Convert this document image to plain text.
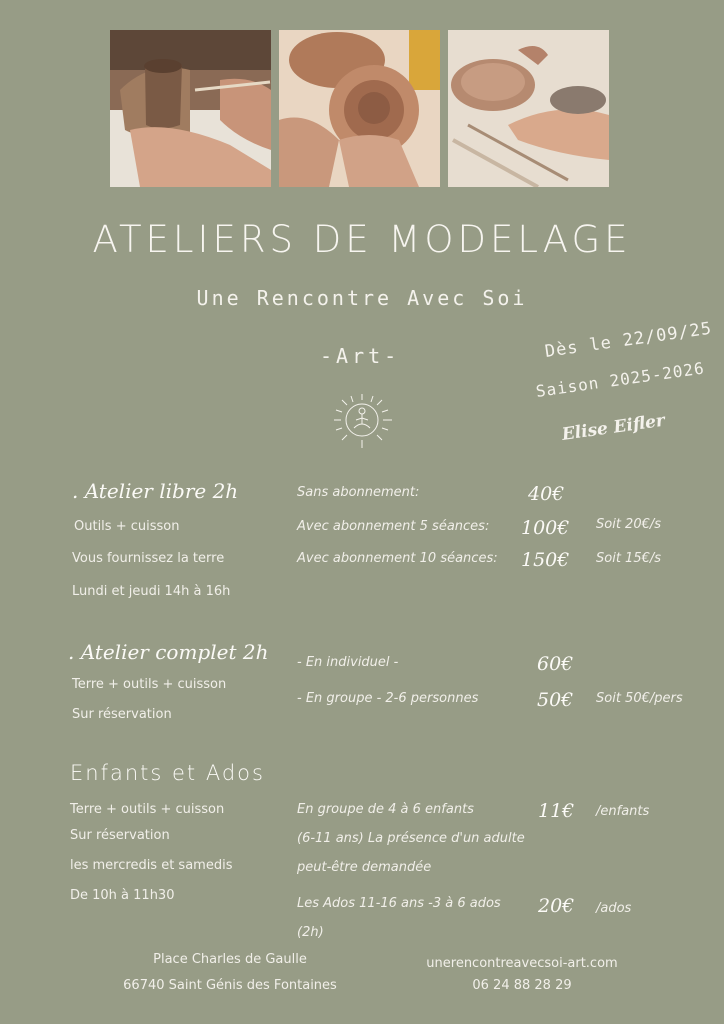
ATELIERS DE MODELAGE
Une Rencontre Avec Soi
-Art-	Dès le 22/09/25
Saison 2025-2026
Elise Eifler
. Atelier libre 2h
Outils + cuisson
Vous fournissez la terre
Lundi et jeudi 14h à 16h
Sans abonnement:	40€
Avec abonnement 5 séances: 100€ Soit 20€/s
Avec abonnement 10 séances: 150€ Soit 15€/s
. Atelier complet 2h
Terre + outils + cuisson
Sur réservation
- En individuel -	60€
- En groupe - 2-6 personnes	50€ Soit 50€/pers
Enfants et Ados
Terre + outils + cuisson
Sur réservation
les mercredis et samedis
De 10h à 11h30
En groupe de 4 à 6 enfants
(6-11 ans) La présence d'un adulte
peut-être demandée
11€ /enfants
Les Ados 11-16 ans -3 à 6 ados
(2h)
20€ /ados
Place Charles de Gaulle
66740 Saint Génis des Fontaines
unerencontreavecsoi-art.com
06 24 88 28 29
